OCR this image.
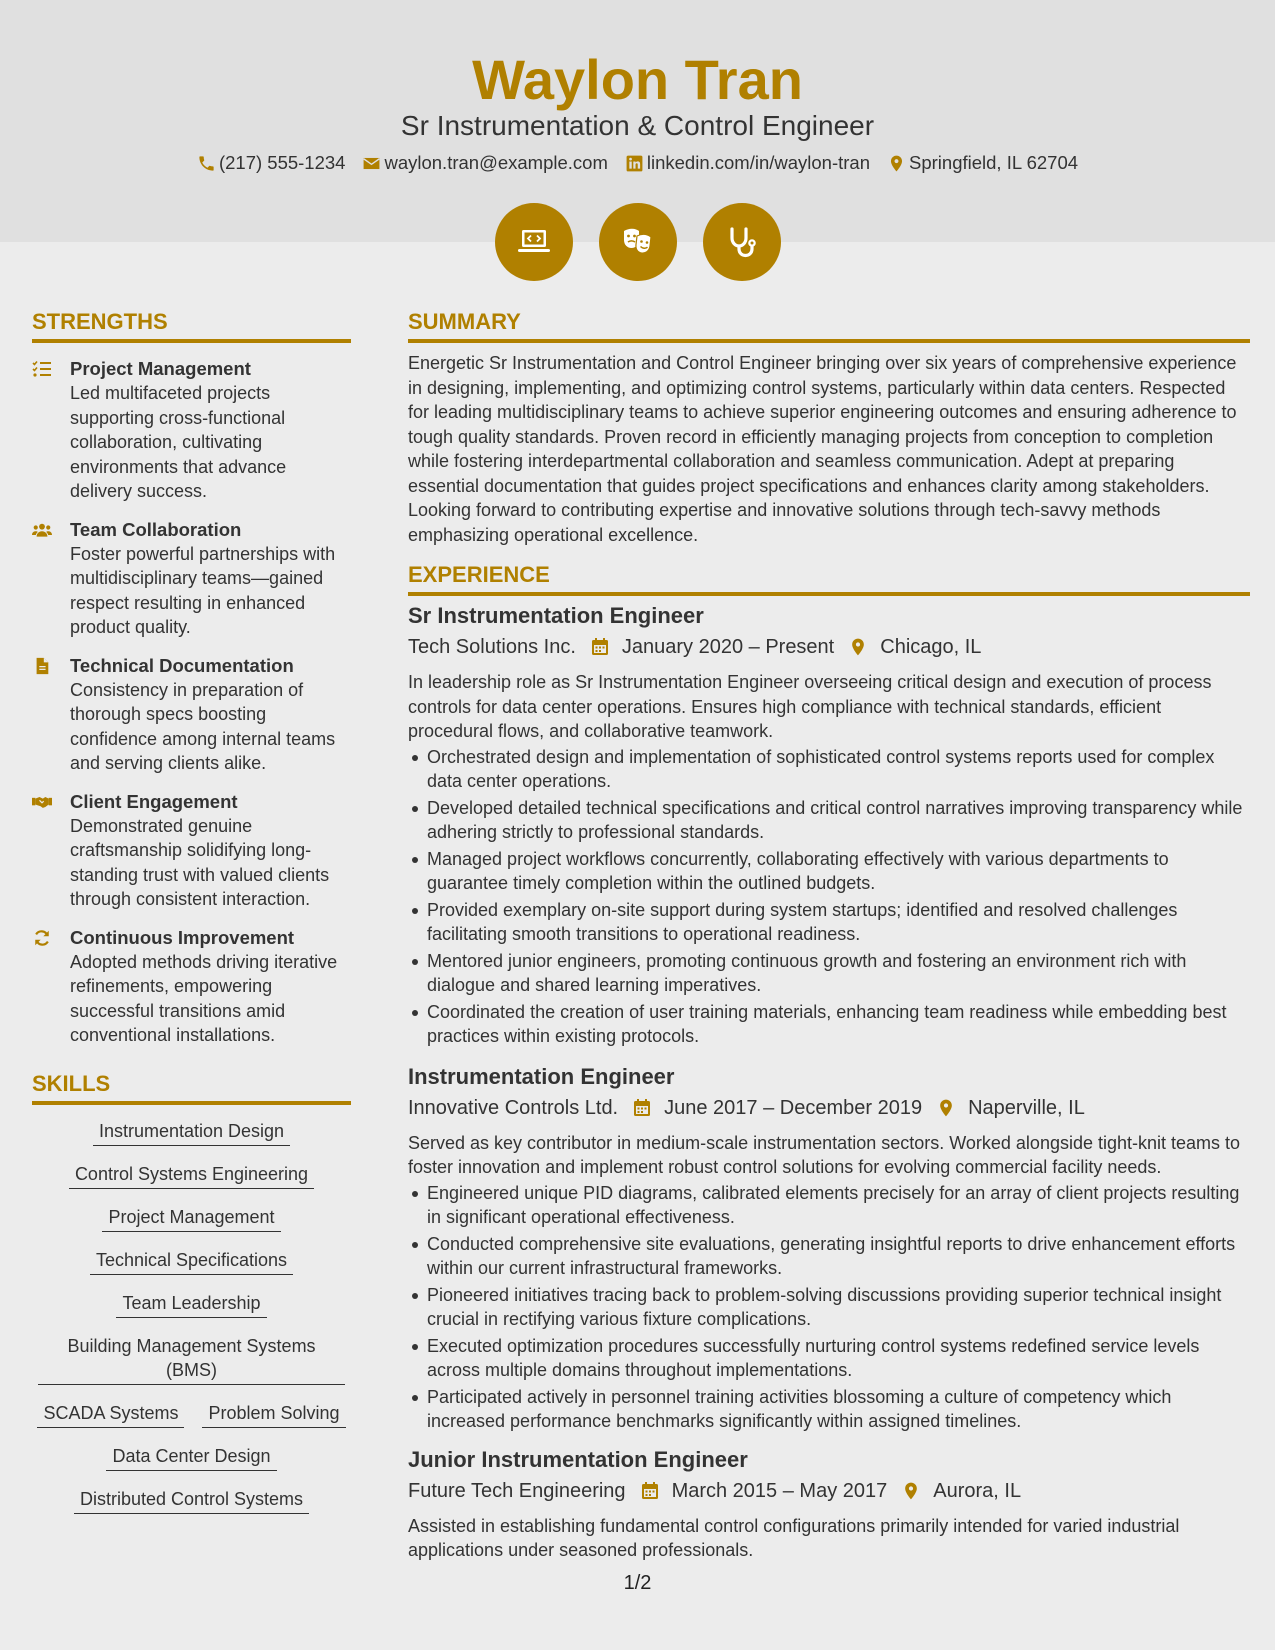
Waylon Tran
Sr Instrumentation & Control Engineer
(217) 555-1234 waylon.tran@example.com linkedin.com/in/waylon-tran Springfield, IL 62704
STRENGTHS
Project Management
Led multifaceted projects supporting cross-functional collaboration, cultivating environments that advance delivery success.
Team Collaboration
Foster powerful partnerships with multidisciplinary teams—gained respect resulting in enhanced product quality.
Technical Documentation
Consistency in preparation of thorough specs boosting confidence among internal teams and serving clients alike.
Client Engagement
Demonstrated genuine craftsmanship solidifying long-standing trust with valued clients through consistent interaction.
Continuous Improvement
Adopted methods driving iterative refinements, empowering successful transitions amid conventional installations.
SKILLS
Instrumentation Design
Control Systems Engineering
Project Management
Technical Specifications
Team Leadership
Building Management Systems (BMS)
SCADA Systems	Problem Solving
Data Center Design
Distributed Control Systems
SUMMARY
Energetic Sr Instrumentation and Control Engineer bringing over six years of comprehensive experience in designing, implementing, and optimizing control systems, particularly within data centers. Respected for leading multidisciplinary teams to achieve superior engineering outcomes and ensuring adherence to tough quality standards. Proven record in efficiently managing projects from conception to completion while fostering interdepartmental collaboration and seamless communication. Adept at preparing essential documentation that guides project specifications and enhances clarity among stakeholders. Looking forward to contributing expertise and innovative solutions through tech-savvy methods emphasizing operational excellence.
EXPERIENCE
Sr Instrumentation Engineer
Tech Solutions Inc. January 2020 – Present Chicago, IL
In leadership role as Sr Instrumentation Engineer overseeing critical design and execution of process controls for data center operations. Ensures high compliance with technical standards, efficient procedural flows, and collaborative teamwork.
Orchestrated design and implementation of sophisticated control systems reports used for complex data center operations.
Developed detailed technical specifications and critical control narratives improving transparency while adhering strictly to professional standards.
Managed project workflows concurrently, collaborating effectively with various departments to guarantee timely completion within the outlined budgets.
Provided exemplary on-site support during system startups; identified and resolved challenges facilitating smooth transitions to operational readiness.
Mentored junior engineers, promoting continuous growth and fostering an environment rich with dialogue and shared learning imperatives.
Coordinated the creation of user training materials, enhancing team readiness while embedding best practices within existing protocols.
Instrumentation Engineer
Innovative Controls Ltd. June 2017 – December 2019 Naperville, IL
Served as key contributor in medium-scale instrumentation sectors. Worked alongside tight-knit teams to foster innovation and implement robust control solutions for evolving commercial facility needs.
Engineered unique PID diagrams, calibrated elements precisely for an array of client projects resulting in significant operational effectiveness.
Conducted comprehensive site evaluations, generating insightful reports to drive enhancement efforts within our current infrastructural frameworks.
Pioneered initiatives tracing back to problem-solving discussions providing superior technical insight crucial in rectifying various fixture complications.
Executed optimization procedures successfully nurturing control systems redefined service levels across multiple domains throughout implementations.
Participated actively in personnel training activities blossoming a culture of competency which increased performance benchmarks significantly within assigned timelines.
Junior Instrumentation Engineer
Future Tech Engineering March 2015 – May 2017 Aurora, IL
Assisted in establishing fundamental control configurations primarily intended for varied industrial applications under seasoned professionals.
1/2
